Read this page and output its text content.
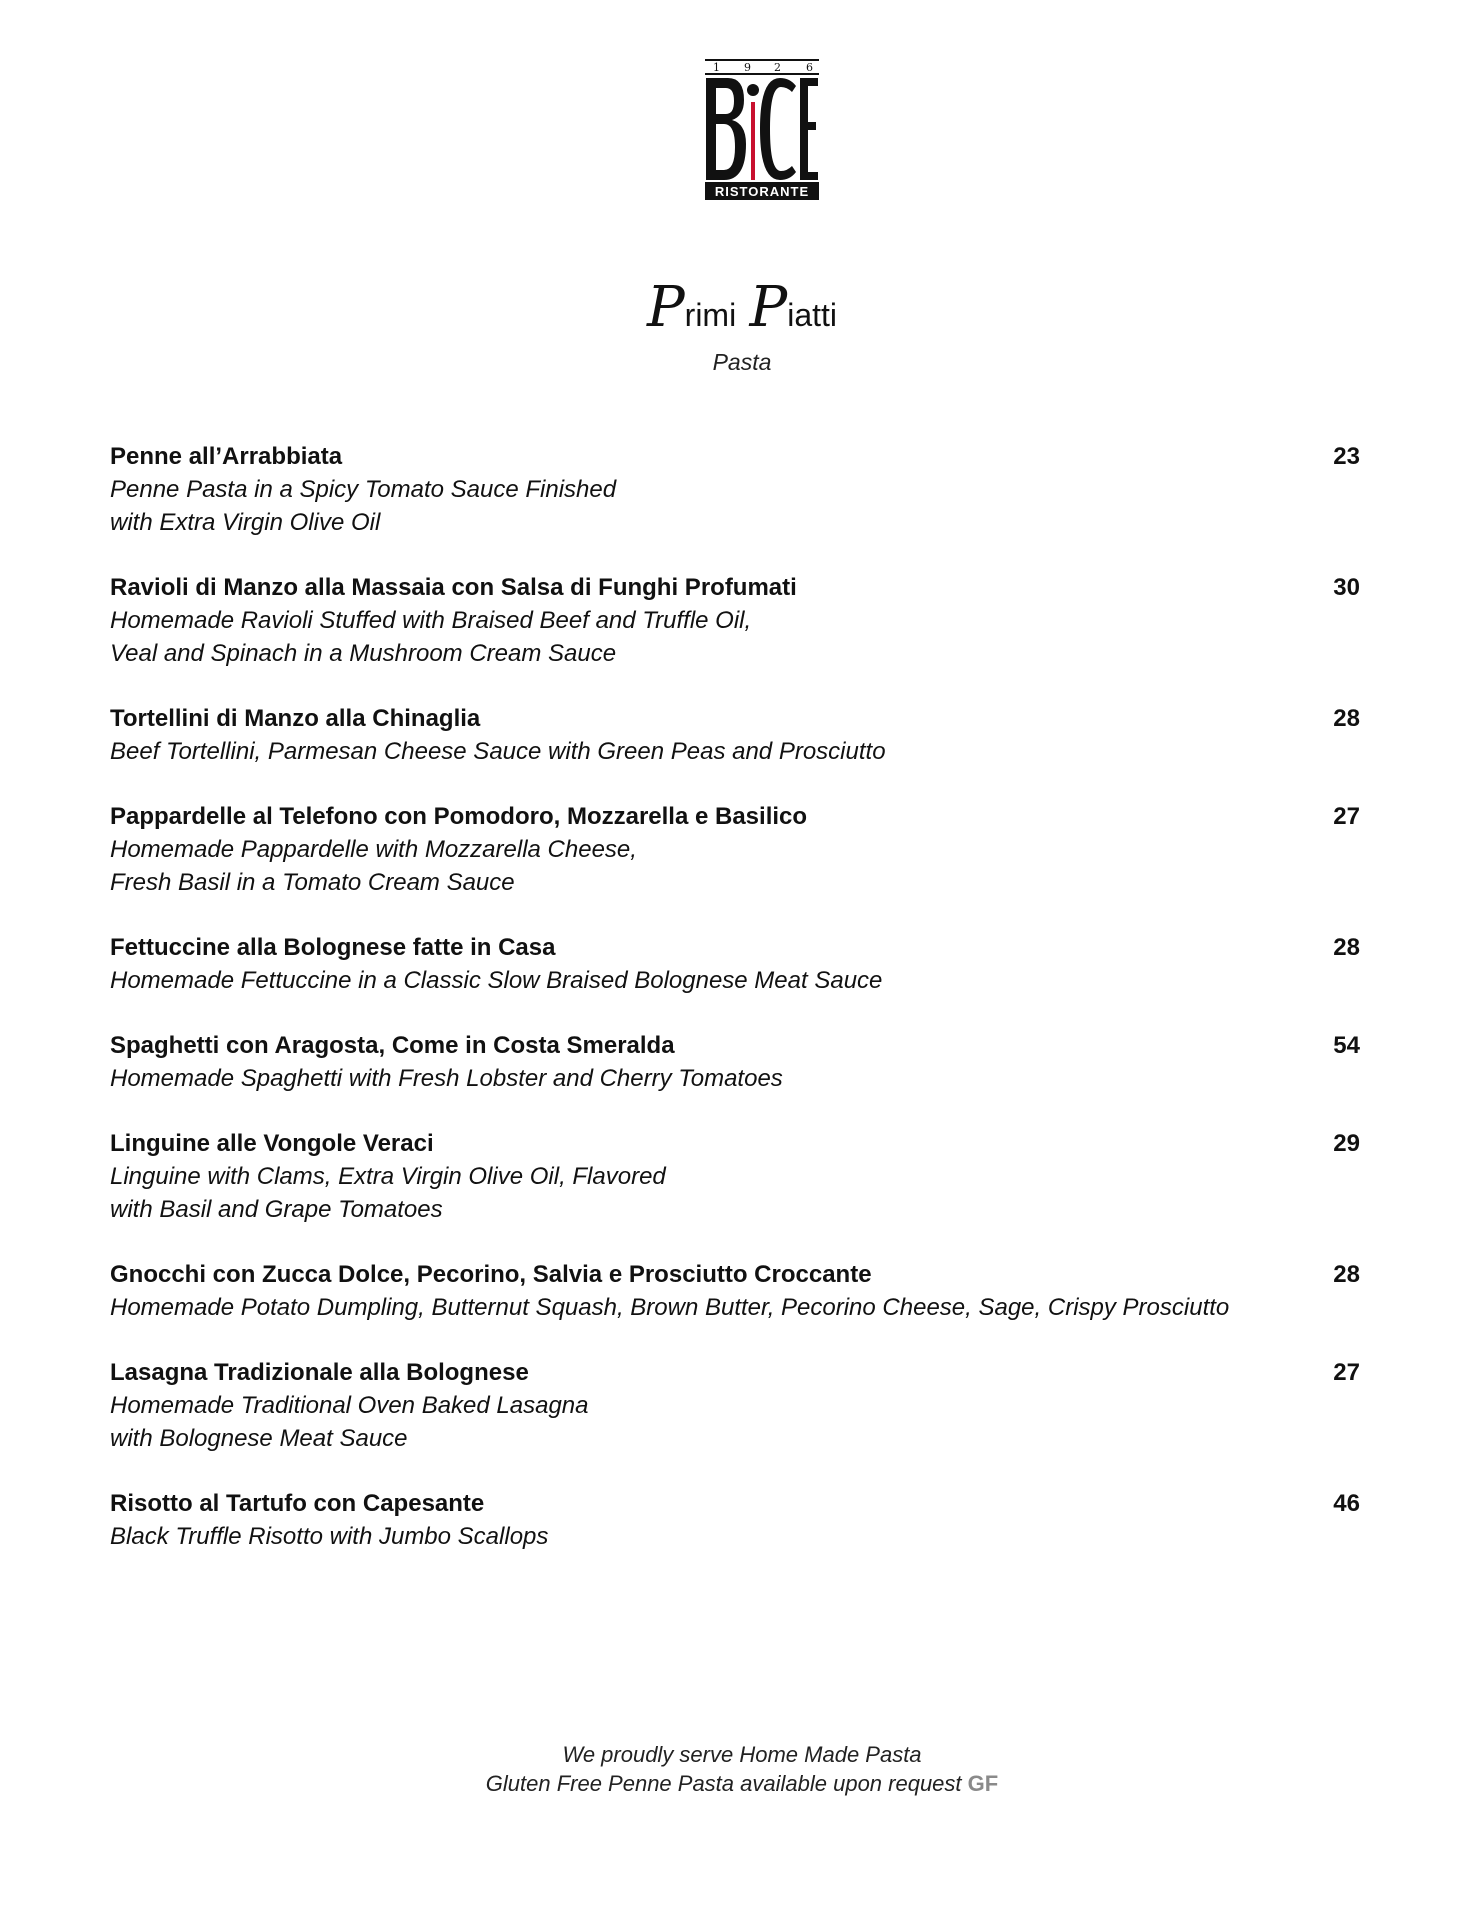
1 9 2 6
RISTORANTE
Primi Piatti
Pasta
Penne all’Arrabbiata	23
Penne Pasta in a Spicy Tomato Sauce Finished
with Extra Virgin Olive Oil
Ravioli di Manzo alla Massaia con Salsa di Funghi Profumati	30
Homemade Ravioli Stuffed with Braised Beef and Truffle Oil,
Veal and Spinach in a Mushroom Cream Sauce
Tortellini di Manzo alla Chinaglia	28
Beef Tortellini, Parmesan Cheese Sauce with Green Peas and Prosciutto
Pappardelle al Telefono con Pomodoro, Mozzarella e Basilico	27
Homemade Pappardelle with Mozzarella Cheese,
Fresh Basil in a Tomato Cream Sauce
Fettuccine alla Bolognese fatte in Casa	28
Homemade Fettuccine in a Classic Slow Braised Bolognese Meat Sauce
Spaghetti con Aragosta, Come in Costa Smeralda	54
Homemade Spaghetti with Fresh Lobster and Cherry Tomatoes
Linguine alle Vongole Veraci	29
Linguine with Clams, Extra Virgin Olive Oil, Flavored
with Basil and Grape Tomatoes
Gnocchi con Zucca Dolce, Pecorino, Salvia e Prosciutto Croccante	28
Homemade Potato Dumpling, Butternut Squash, Brown Butter, Pecorino Cheese, Sage, Crispy Prosciutto
Lasagna Tradizionale alla Bolognese	27
Homemade Traditional Oven Baked Lasagna
with Bolognese Meat Sauce
Risotto al Tartufo con Capesante	46
Black Truffle Risotto with Jumbo Scallops
We proudly serve Home Made Pasta
Gluten Free Penne Pasta available upon request GF
